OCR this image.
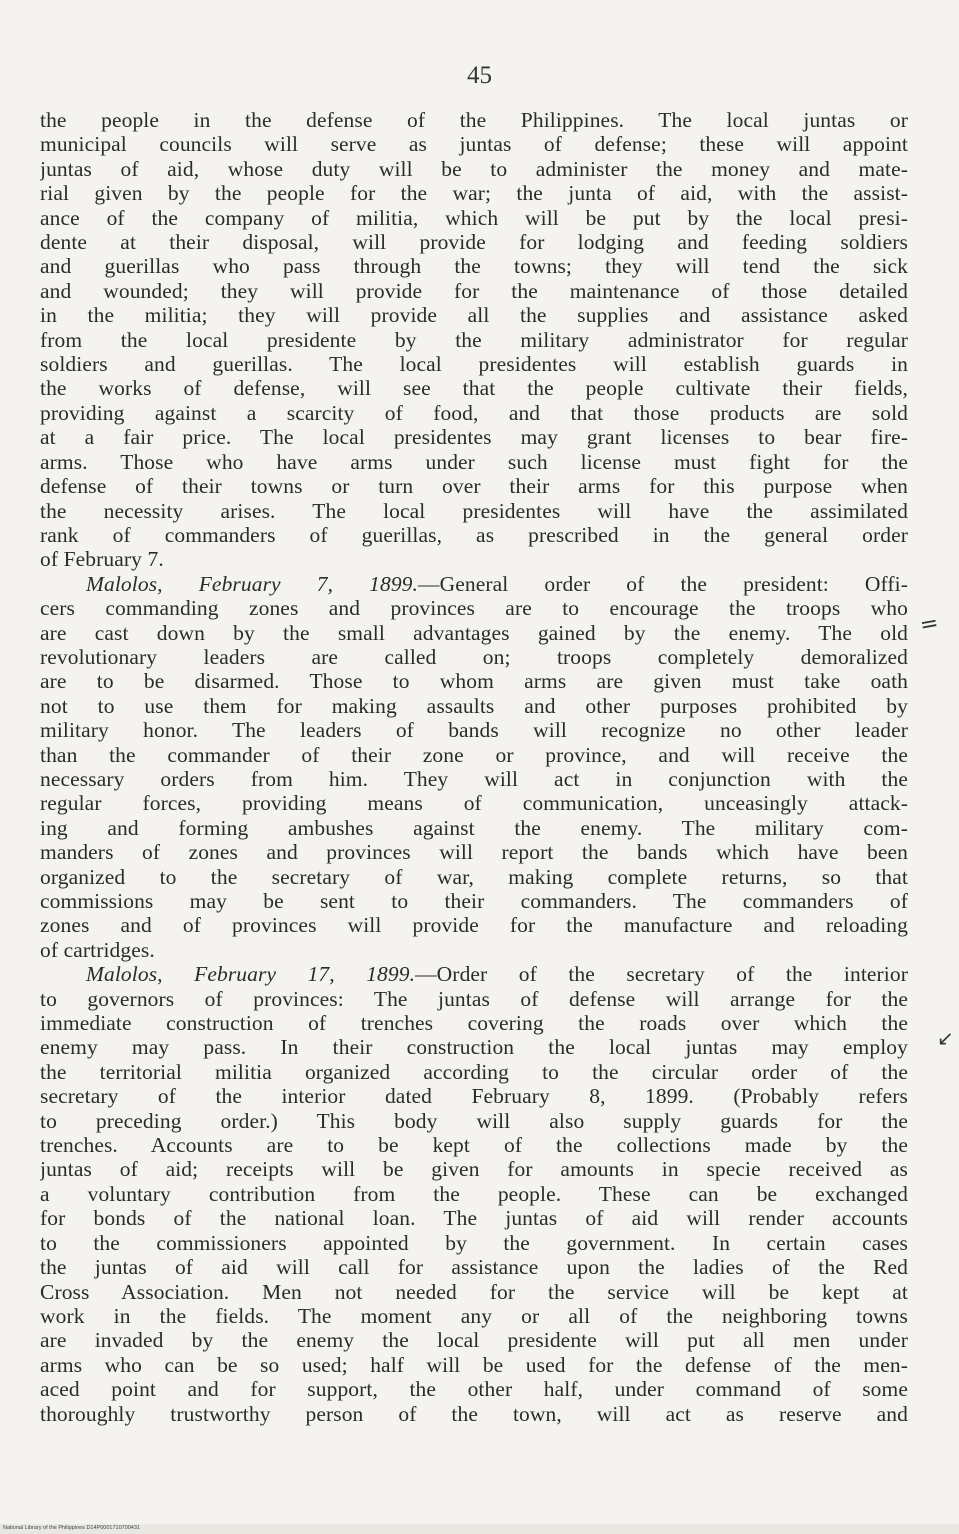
45
the people in the defense of the Philippines. The local juntas or
municipal councils will serve as juntas of defense; these will appoint
juntas of aid, whose duty will be to administer the money and mate-
rial given by the people for the war; the junta of aid, with the assist-
ance of the company of militia, which will be put by the local presi-
dente at their disposal, will provide for lodging and feeding soldiers
and guerillas who pass through the towns; they will tend the sick
and wounded; they will provide for the maintenance of those detailed
in the militia; they will provide all the supplies and assistance asked
from the local presidente by the military administrator for regular
soldiers and guerillas. The local presidentes will establish guards in
the works of defense, will see that the people cultivate their fields,
providing against a scarcity of food, and that those products are sold
at a fair price. The local presidentes may grant licenses to bear fire-
arms. Those who have arms under such license must fight for the
defense of their towns or turn over their arms for this purpose when
the necessity arises. The local presidentes will have the assimilated
rank of commanders of guerillas, as prescribed in the general order
of February 7.
Malolos, February 7, 1899.—General order of the president: Offi-
cers commanding zones and provinces are to encourage the troops who
are cast down by the small advantages gained by the enemy. The old
revolutionary leaders are called on; troops completely demoralized
are to be disarmed. Those to whom arms are given must take oath
not to use them for making assaults and other purposes prohibited by
military honor. The leaders of bands will recognize no other leader
than the commander of their zone or province, and will receive the
necessary orders from him. They will act in conjunction with the
regular forces, providing means of communication, unceasingly attack-
ing and forming ambushes against the enemy. The military com-
manders of zones and provinces will report the bands which have been
organized to the secretary of war, making complete returns, so that
commissions may be sent to their commanders. The commanders of
zones and of provinces will provide for the manufacture and reloading
of cartridges.
Malolos, February 17, 1899.—Order of the secretary of the interior
to governors of provinces: The juntas of defense will arrange for the
immediate construction of trenches covering the roads over which the
enemy may pass. In their construction the local juntas may employ
the territorial militia organized according to the circular order of the
secretary of the interior dated February 8, 1899. (Probably refers
to preceding order.) This body will also supply guards for the
trenches. Accounts are to be kept of the collections made by the
juntas of aid; receipts will be given for amounts in specie received as
a voluntary contribution from the people. These can be exchanged
for bonds of the national loan. The juntas of aid will render accounts
to the commissioners appointed by the government. In certain cases
the juntas of aid will call for assistance upon the ladies of the Red
Cross Association. Men not needed for the service will be kept at
work in the fields. The moment any or all of the neighboring towns
are invaded by the enemy the local presidente will put all men under
arms who can be so used; half will be used for the defense of the men-
aced point and for support, the other half, under command of some
thoroughly trustworthy person of the town, will act as reserve and
=
↙
National Library of the Philippines D14P0001710700431
